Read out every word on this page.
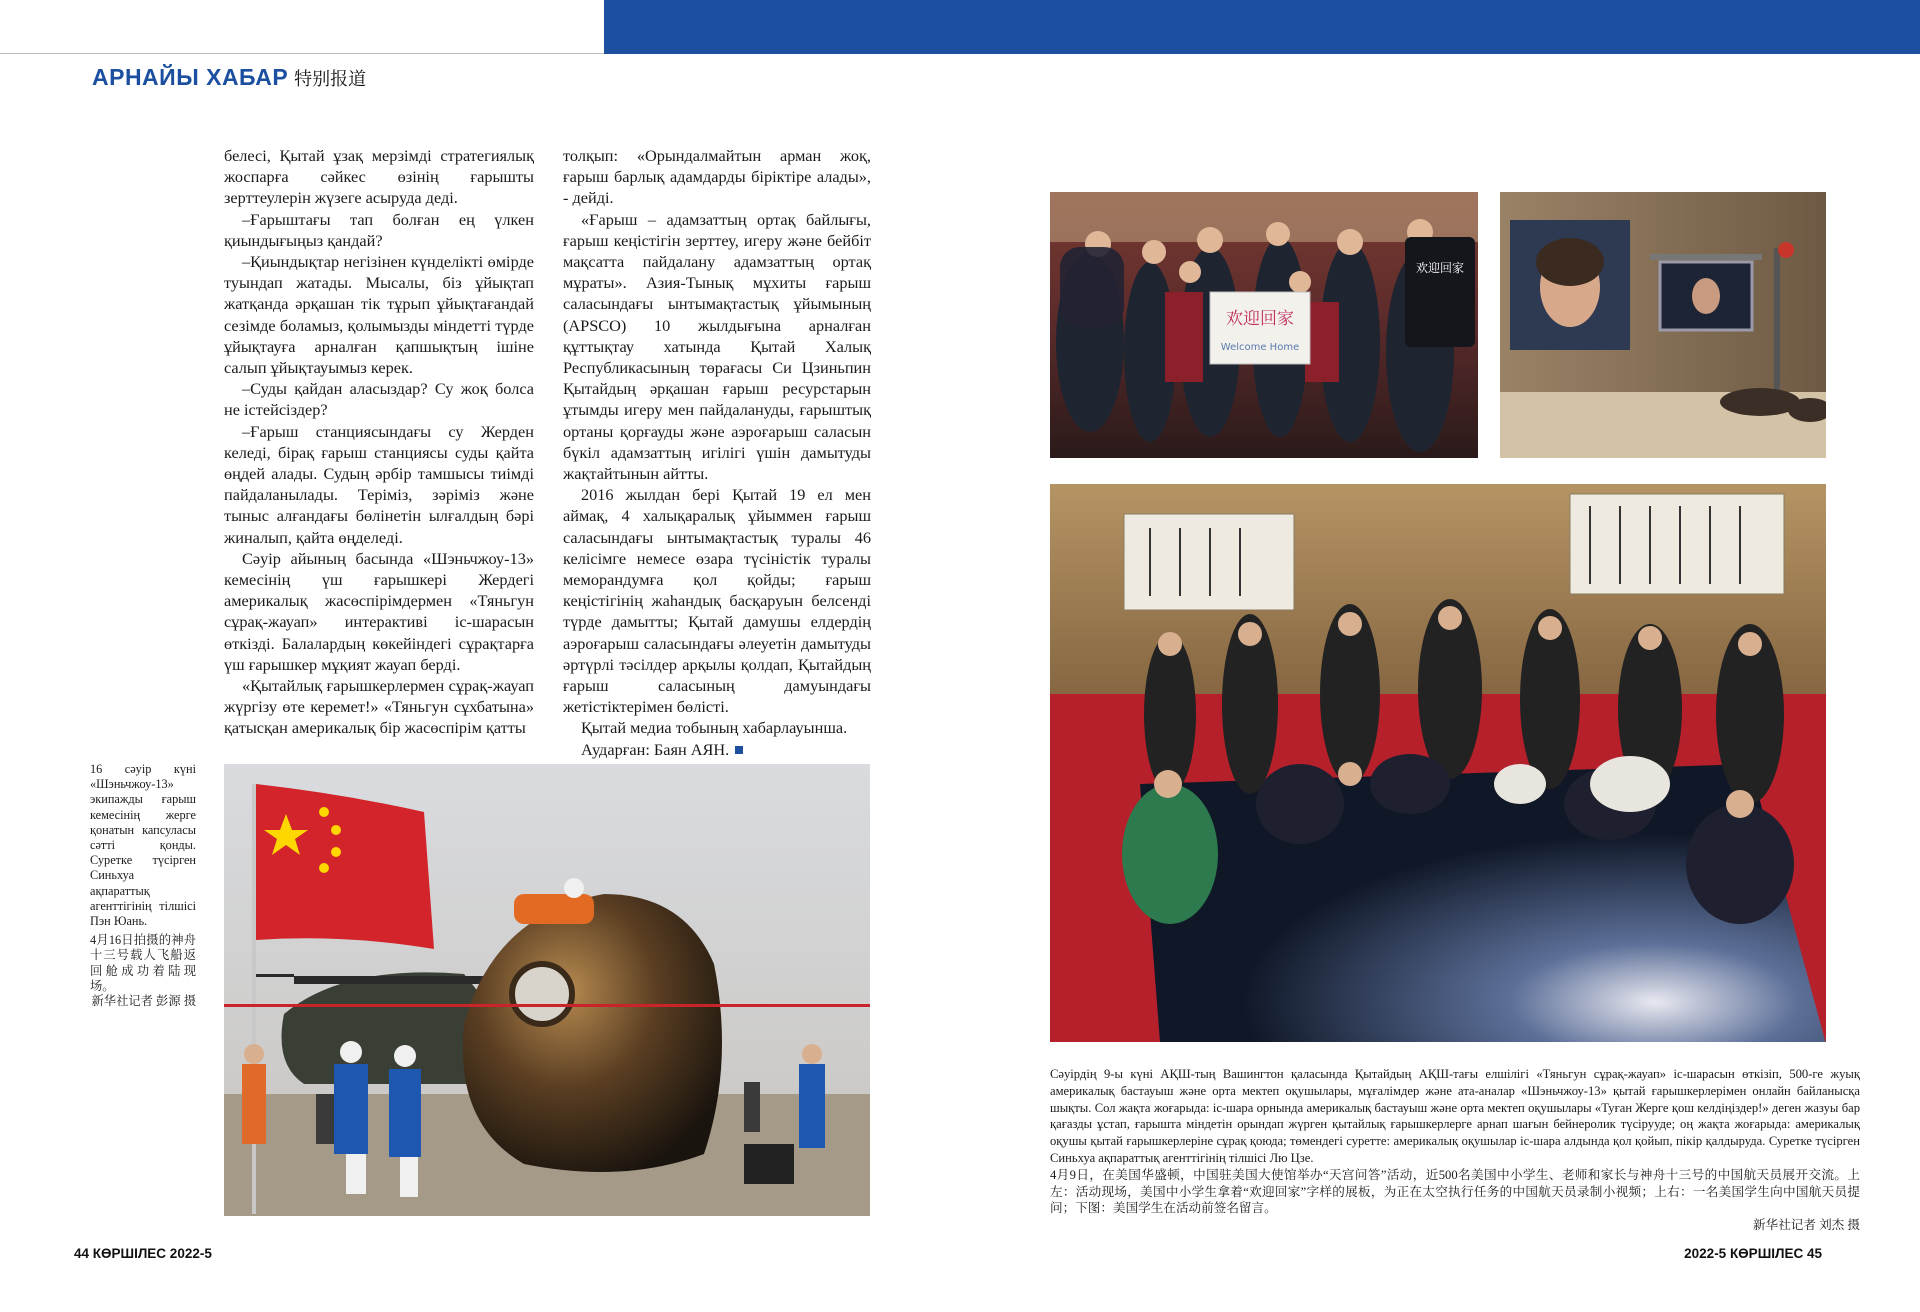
АРНАЙЫ ХАБАР 特别报道

белесі, Қытай ұзақ мерзімді стратегиялық жоспарға сәйкес өзінің ғарышты зерттеулерін жүзеге асыруда деді.

–Ғарыштағы тап болған ең үлкен қиындығыңыз қандай?

–Қиындықтар негізінен күнделікті өмірде туындап жатады. Мысалы, біз ұйықтап жатқанда әрқашан тік тұрып ұйықтағандай сезімде боламыз, қолымызды міндетті түрде ұйықтауға арналған қапшықтың ішіне салып ұйықтауымыз керек.

–Суды қайдан аласыздар? Су жоқ болса не істейсіздер?

–Ғарыш станциясындағы су Жерден келеді, бірақ ғарыш станциясы суды қайта өңдей алады. Судың әрбір тамшысы тиімді пайдаланылады. Теріміз, зәріміз және тыныс алғандағы бөлінетін ылғалдың бәрі жиналып, қайта өңделеді.

Сәуір айының басында «Шэньчжоу-13» кемесінің үш ғарышкері Жердегі америкалық жасөспірімдермен «Тяньгун сұрақ-жауап» интерактиві іс-шарасын өткізді. Балалардың көкейіндегі сұрақтарға үш ғарышкер мұқият жауап берді.

«Қытайлық ғарышкерлермен сұрақ-жауап жүргізу өте керемет!» «Тяньгун сұхбатына» қатысқан америкалық бір жасөспірім қатты

толқып: «Орындалмайтын арман жоқ, ғарыш барлық адамдарды біріктіре алады», - дейді.

«Ғарыш – адамзаттың ортақ байлығы, ғарыш кеңістігін зерттеу, игеру және бейбіт мақсатта пайдалану адамзаттың ортақ мұраты». Азия-Тынық мұхиты ғарыш саласындағы ынтымақтастық ұйымының (APSCO) 10 жылдығына арналған құттықтау хатында Қытай Халық Республикасының төрағасы Си Цзиньпин Қытайдың әрқашан ғарыш ресурстарын ұтымды игеру мен пайдалануды, ғарыштық ортаны қорғауды және аэроғарыш саласын бүкіл адамзаттың игілігі үшін дамытуды жақтайтынын айтты.

2016 жылдан бері Қытай 19 ел мен аймақ, 4 халықаралық ұйыммен ғарыш саласындағы ынтымақтастық туралы 46 келісімге немесе өзара түсіністік туралы меморандумға қол қойды; ғарыш кеңістігінің жаһандық басқаруын белсенді түрде дамытты; Қытай дамушы елдердің аэроғарыш саласындағы әлеуетін дамытуды әртүрлі тәсілдер арқылы қолдап, Қытайдың ғарыш саласының дамуындағы жетістіктерімен бөлісті.

Қытай медиа тобының хабарлауынша.

Аударған: Баян АЯН.

欢迎回家
Welcome Home
欢迎回家

16 сәуір күні «Шэньчжоу-13» экипажды ғарыш кемесінің жерге қонатын капсуласы сәтті қонды. Суретке түсірген Синьхуа ақпараттық агенттігінің тілшісі Пэн Юань.

4月16日拍摄的神舟十三号载人飞船返回舱成功着陆现场。

新华社记者 彭源 摄

Сәуірдің 9-ы күні АҚШ-тың Вашингтон қаласында Қытайдың АҚШ-тағы елшілігі «Тяньгун сұрақ-жауап» іс-шарасын өткізіп, 500-ге жуық америкалық бастауыш және орта мектеп оқушылары, мұғалімдер және ата-аналар «Шэньчжоу-13» қытай ғарышкерлерімен онлайн байланысқа шықты. Сол жақта жоғарыда: іс-шара орнында америкалық бастауыш және орта мектеп оқушылары «Туған Жерге қош келдіңіздер!» деген жазуы бар қағазды ұстап, ғарышта міндетін орындап жүрген қытайлық ғарышкерлерге арнап шағын бейнеролик түсірууде; оң жақта жоғарыда: америкалық оқушы қытай ғарышкерлеріне сұрақ қоюда; төмендегі суретте: америкалық оқушылар іс-шара алдында қол қойып, пікір қалдыруда. Суретке түсірген Синьхуа ақпараттық агенттігінің тілшісі Лю Цзе.

4月9日，在美国华盛顿，中国驻美国大使馆举办“天宫问答”活动，近500名美国中小学生、老师和家长与神舟十三号的中国航天员展开交流。上左：活动现场，美国中小学生拿着“欢迎回家”字样的展板，为正在太空执行任务的中国航天员录制小视频；上右：一名美国学生向中国航天员提问；下图：美国学生在活动前签名留言。

新华社记者 刘杰 摄

44 КӨРШІЛЕС 2022-5	2022-5 КӨРШІЛЕС 45
